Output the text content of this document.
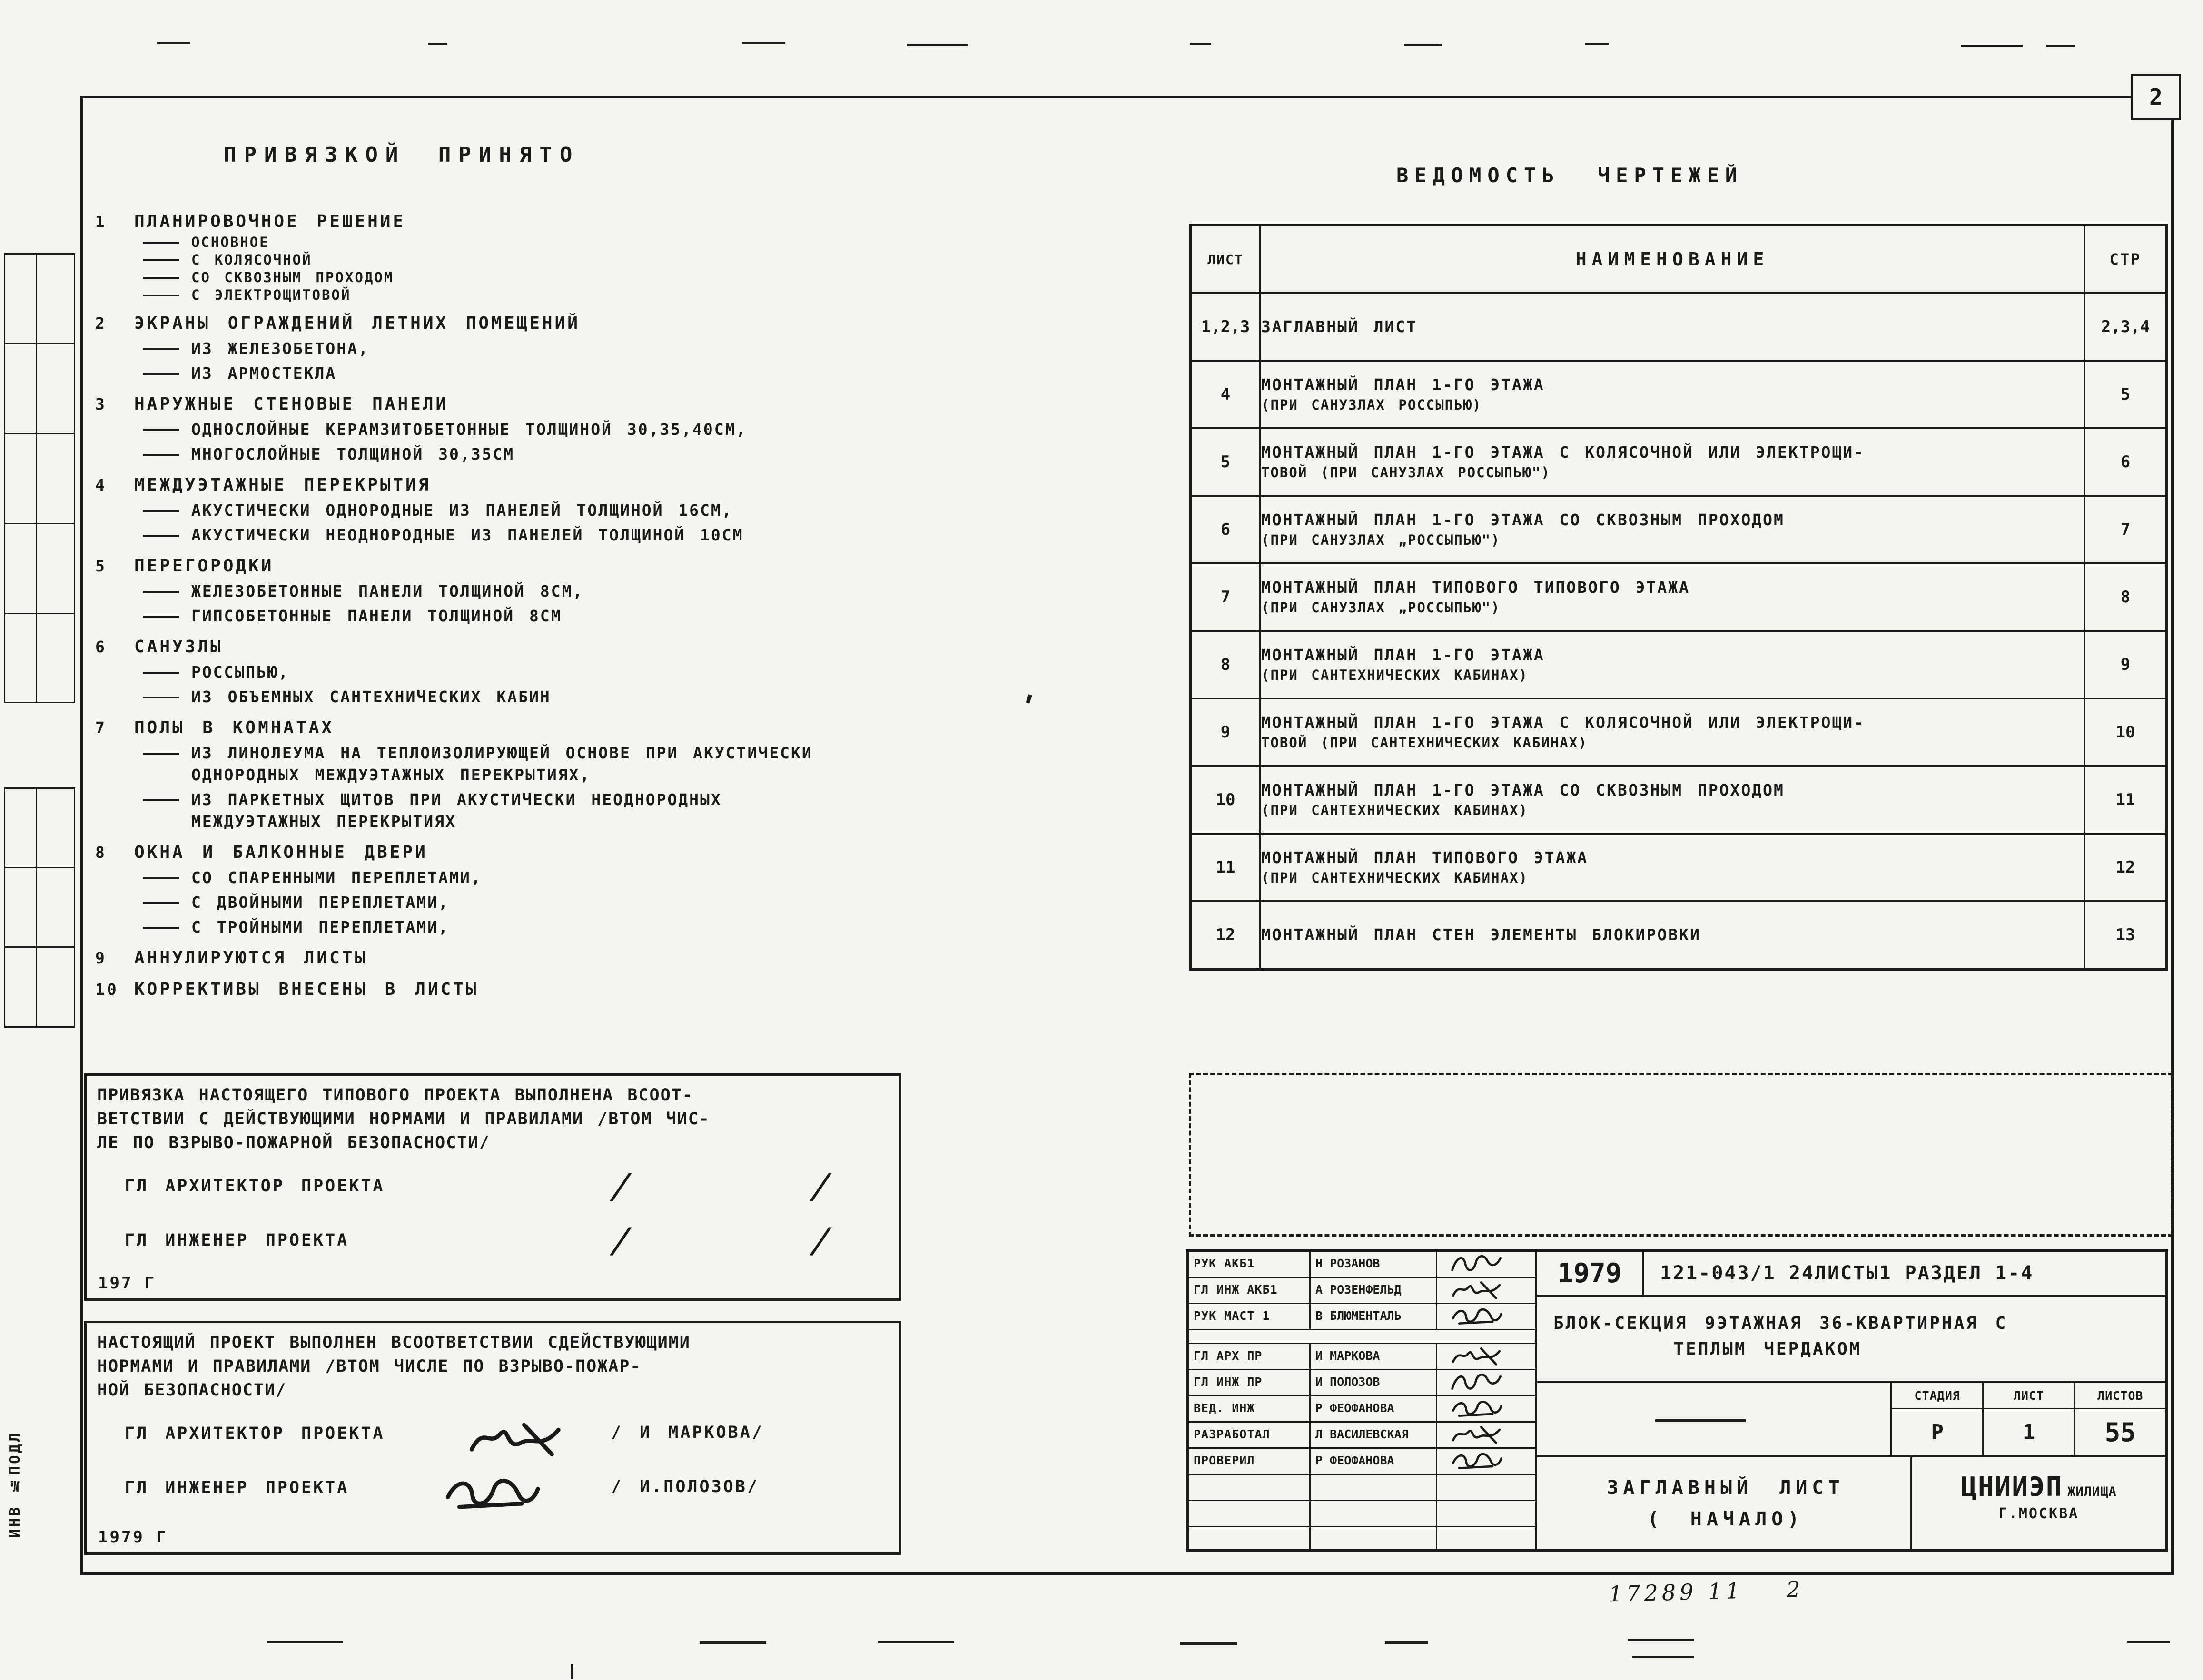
2
ИНВ №ПОДЛ
ПРИВЯЗКОЙ ПРИНЯТО
1	ПЛАНИРОВОЧНОЕ РЕШЕНИЕ
ОСНОВНОЕ
С КОЛЯСОЧНОЙ
СО СКВОЗНЫМ ПРОХОДОМ
С ЭЛЕКТРОЩИТОВОЙ
2	ЭКРАНЫ ОГРАЖДЕНИЙ ЛЕТНИХ ПОМЕЩЕНИЙ
ИЗ ЖЕЛЕЗОБЕТОНА,
ИЗ АРМОСТЕКЛА
3	НАРУЖНЫЕ СТЕНОВЫЕ ПАНЕЛИ
ОДНОСЛОЙНЫЕ КЕРАМЗИТОБЕТОННЫЕ ТОЛЩИНОЙ 30,35,40СМ,
МНОГОСЛОЙНЫЕ ТОЛЩИНОЙ 30,35СМ
4	МЕЖДУЭТАЖНЫЕ ПЕРЕКРЫТИЯ
АКУСТИЧЕСКИ ОДНОРОДНЫЕ ИЗ ПАНЕЛЕЙ ТОЛЩИНОЙ 16СМ,
АКУСТИЧЕСКИ НЕОДНОРОДНЫЕ ИЗ ПАНЕЛЕЙ ТОЛЩИНОЙ 10СМ
5	ПЕРЕГОРОДКИ
ЖЕЛЕЗОБЕТОННЫЕ ПАНЕЛИ ТОЛЩИНОЙ 8СМ,
ГИПСОБЕТОННЫЕ ПАНЕЛИ ТОЛЩИНОЙ 8СМ
6	САНУЗЛЫ
РОССЫПЬЮ,
ИЗ ОБЪЕМНЫХ САНТЕХНИЧЕСКИХ КАБИН
7	ПОЛЫ В КОМНАТАХ
ИЗ ЛИНОЛЕУМА НА ТЕПЛОИЗОЛИРУЮЩЕЙ ОСНОВЕ ПРИ АКУСТИЧЕСКИ ОДНОРОДНЫХ МЕЖДУЭТАЖНЫХ ПЕРЕКРЫТИЯХ,
ИЗ ПАРКЕТНЫХ ЩИТОВ ПРИ АКУСТИЧЕСКИ НЕОДНОРОДНЫХ МЕЖДУЭТАЖНЫХ ПЕРЕКРЫТИЯХ
8	ОКНА И БАЛКОННЫЕ ДВЕРИ
СО СПАРЕННЫМИ ПЕРЕПЛЕТАМИ,
С ДВОЙНЫМИ ПЕРЕПЛЕТАМИ,
С ТРОЙНЫМИ ПЕРЕПЛЕТАМИ,
9	АННУЛИРУЮТСЯ ЛИСТЫ
10 КОРРЕКТИВЫ ВНЕСЕНЫ В ЛИСТЫ
ПРИВЯЗКА НАСТОЯЩЕГО ТИПОВОГО ПРОЕКТА ВЫПОЛНЕНА ВСООТ-
ВЕТСТВИИ С ДЕЙСТВУЮЩИМИ НОРМАМИ И ПРАВИЛАМИ /ВТОМ ЧИС-
ЛЕ ПО ВЗРЫВО-ПОЖАРНОЙ БЕЗОПАСНОСТИ/
ГЛ АРХИТЕКТОР ПРОЕКТА	/	/
ГЛ ИНЖЕНЕР ПРОЕКТА	/	/
197 Г
НАСТОЯЩИЙ ПРОЕКТ ВЫПОЛНЕН ВСООТВЕТСТВИИ СДЕЙСТВУЮЩИМИ
НОРМАМИ И ПРАВИЛАМИ /ВТОМ ЧИСЛЕ ПО ВЗРЫВО-ПОЖАР-
НОЙ БЕЗОПАСНОСТИ/
ГЛ АРХИТЕКТОР ПРОЕКТА	/ И МАРКОВА/
ГЛ ИНЖЕНЕР ПРОЕКТА	/ И.ПОЛОЗОВ/
1979 Г
ВЕДОМОСТЬ ЧЕРТЕЖЕЙ
ЛИСТ	НАИМЕНОВАНИЕ	СТР
1,2,3	ЗАГЛАВНЫЙ ЛИСТ	2,3,4
4	МОНТАЖНЫЙ ПЛАН 1-ГО ЭТАЖА
(ПРИ САНУЗЛАХ РОССЫПЬЮ)	5
5	МОНТАЖНЫЙ ПЛАН 1-ГО ЭТАЖА С КОЛЯСОЧНОЙ ИЛИ ЭЛЕКТРОЩИ-
ТОВОЙ (ПРИ САНУЗЛАХ РОССЫПЬЮ")	6
6	МОНТАЖНЫЙ ПЛАН 1-ГО ЭТАЖА СО СКВОЗНЫМ ПРОХОДОМ
(ПРИ САНУЗЛАХ „РОССЫПЬЮ")	7
7	МОНТАЖНЫЙ ПЛАН ТИПОВОГО ТИПОВОГО ЭТАЖА
(ПРИ САНУЗЛАХ „РОССЫПЬЮ")	8
8	МОНТАЖНЫЙ ПЛАН 1-ГО ЭТАЖА
(ПРИ САНТЕХНИЧЕСКИХ КАБИНАХ)	9
9	МОНТАЖНЫЙ ПЛАН 1-ГО ЭТАЖА С КОЛЯСОЧНОЙ ИЛИ ЭЛЕКТРОЩИ-
ТОВОЙ (ПРИ САНТЕХНИЧЕСКИХ КАБИНАХ)	10
10	МОНТАЖНЫЙ ПЛАН 1-ГО ЭТАЖА СО СКВОЗНЫМ ПРОХОДОМ
(ПРИ САНТЕХНИЧЕСКИХ КАБИНАХ)	11
11	МОНТАЖНЫЙ ПЛАН ТИПОВОГО ЭТАЖА
(ПРИ САНТЕХНИЧЕСКИХ КАБИНАХ)	12
12	МОНТАЖНЫЙ ПЛАН СТЕН ЭЛЕМЕНТЫ БЛОКИРОВКИ	13
РУК АКБ1	Н РОЗАНОВ
ГЛ ИНЖ АКБ1	А РОЗЕНФЕЛЬД
РУК МАСТ 1	В БЛЮМЕНТАЛЬ
ГЛ АРХ ПР	И МАРКОВА
ГЛ ИНЖ ПР	И ПОЛОЗОВ
ВЕД. ИНЖ	Р ФЕОФАНОВА
РАЗРАБОТАЛ	Л ВАСИЛЕВСКАЯ
ПРОВЕРИЛ	Р ФЕОФАНОВА
1979	121-043/1 24ЛИСТЫ1 РАЗДЕЛ 1-4
БЛОК-СЕКЦИЯ 9ЭТАЖНАЯ 36-КВАРТИРНАЯ С
ТЕПЛЫМ ЧЕРДАКОМ
СТАДИЯ	ЛИСТ	ЛИСТОВ
Р	1	55
ЗАГЛАВНЫЙ ЛИСТ
( НАЧАЛО)
ЦНИИЭП ЖИЛИЩА
Г.МОСКВА
17289 11 2
